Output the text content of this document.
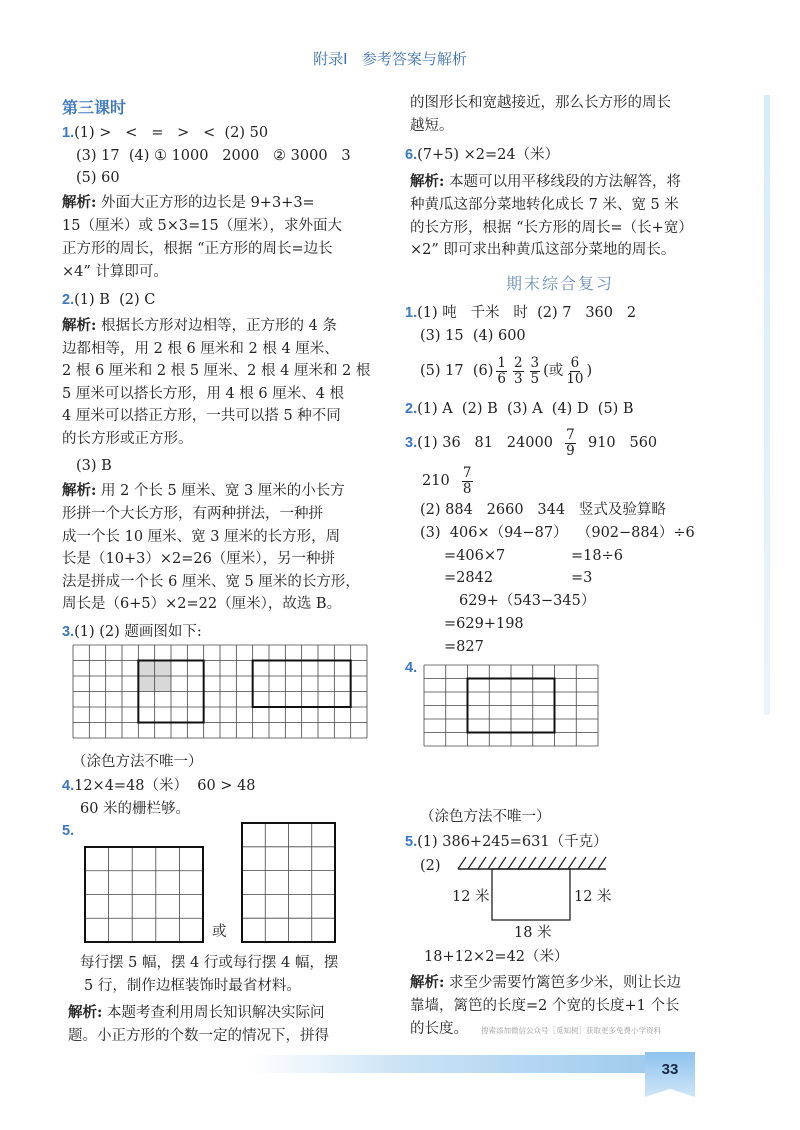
附录Ⅰ 参考答案与解析
第三课时
1.(1) >   <   =   >   <  (2) 50
(3) 17  (4) ① 1000   2000   ② 3000   3
(5) 60
解析: 外面大正方形的边长是 9+3+3=
15（厘米）或 5×3=15（厘米），求外面大
正方形的周长，根据 “正方形的周长=边长
×4” 计算即可。
2.(1) B  (2) C
解析: 根据长方形对边相等，正方形的 4 条
边都相等，用 2 根 6 厘米和 2 根 4 厘米、
2 根 6 厘米和 2 根 5 厘米、2 根 4 厘米和 2 根
5 厘米可以搭长方形，用 4 根 6 厘米、4 根
4 厘米可以搭正方形，一共可以搭 5 种不同
的长方形或正方形。
(3) B
解析: 用 2 个长 5 厘米、宽 3 厘米的小长方
形拼一个大长方形，有两种拼法，一种拼
成一个长 10 厘米、宽 3 厘米的长方形，周
长是（10+3）×2=26（厘米），另一种拼
法是拼成一个长 6 厘米、宽 5 厘米的长方形，
周长是（6+5）×2=22（厘米），故选 B。
3.(1) (2) 题画图如下:
（涂色方法不唯一）
4.12×4=48（米）  60 > 48
60 米的栅栏够。
5.
或
每行摆 5 幅，摆 4 行或每行摆 4 幅，摆
5 行，制作边框装饰时最省材料。
解析: 本题考查利用周长知识解决实际问
题。小正方形的个数一定的情况下，拼得
的图形长和宽越接近，那么长方形的周长
越短。
6.(7+5) ×2=24（米）
解析: 本题可以用平移线段的方法解答，将
种黄瓜这部分菜地转化成长 7 米、宽 5 米
的长方形，根据 “长方形的周长=（长+宽）
×2” 即可求出种黄瓜这部分菜地的周长。
期末综合复习
1.(1) 吨   千米   时  (2) 7   360   2
(3) 15  (4) 600
(5) 17  $(6) \frac{1}{6} \frac{2}{3} \frac{3}{5}$ (或 $\frac{6}{10}$ )
2.(1) A  (2) B  (3) A  (4) D  (5) B
3.(1) 36   81   $24000 \frac{7}{9} 910$   560
$210 \frac{7}{8}$
(2) 884   2660   344   竖式及验算略
(3)  406×（94−87）  （902−884）÷6
=406×7	=18÷6
=2842	=3
629+（543−345）
=629+198
=827
4.
（涂色方法不唯一）
5.(1) 386+245=631（千克）
(2)
12 米	12 米
18 米
18+12×2=42（米）
解析: 求至少需要竹篱笆多少米，则让长边
靠墙，篱笆的长度=2 个宽的长度+1 个长
的长度。 搜索添加微信公众号［觅知树］获取更多免费小学资料
33
